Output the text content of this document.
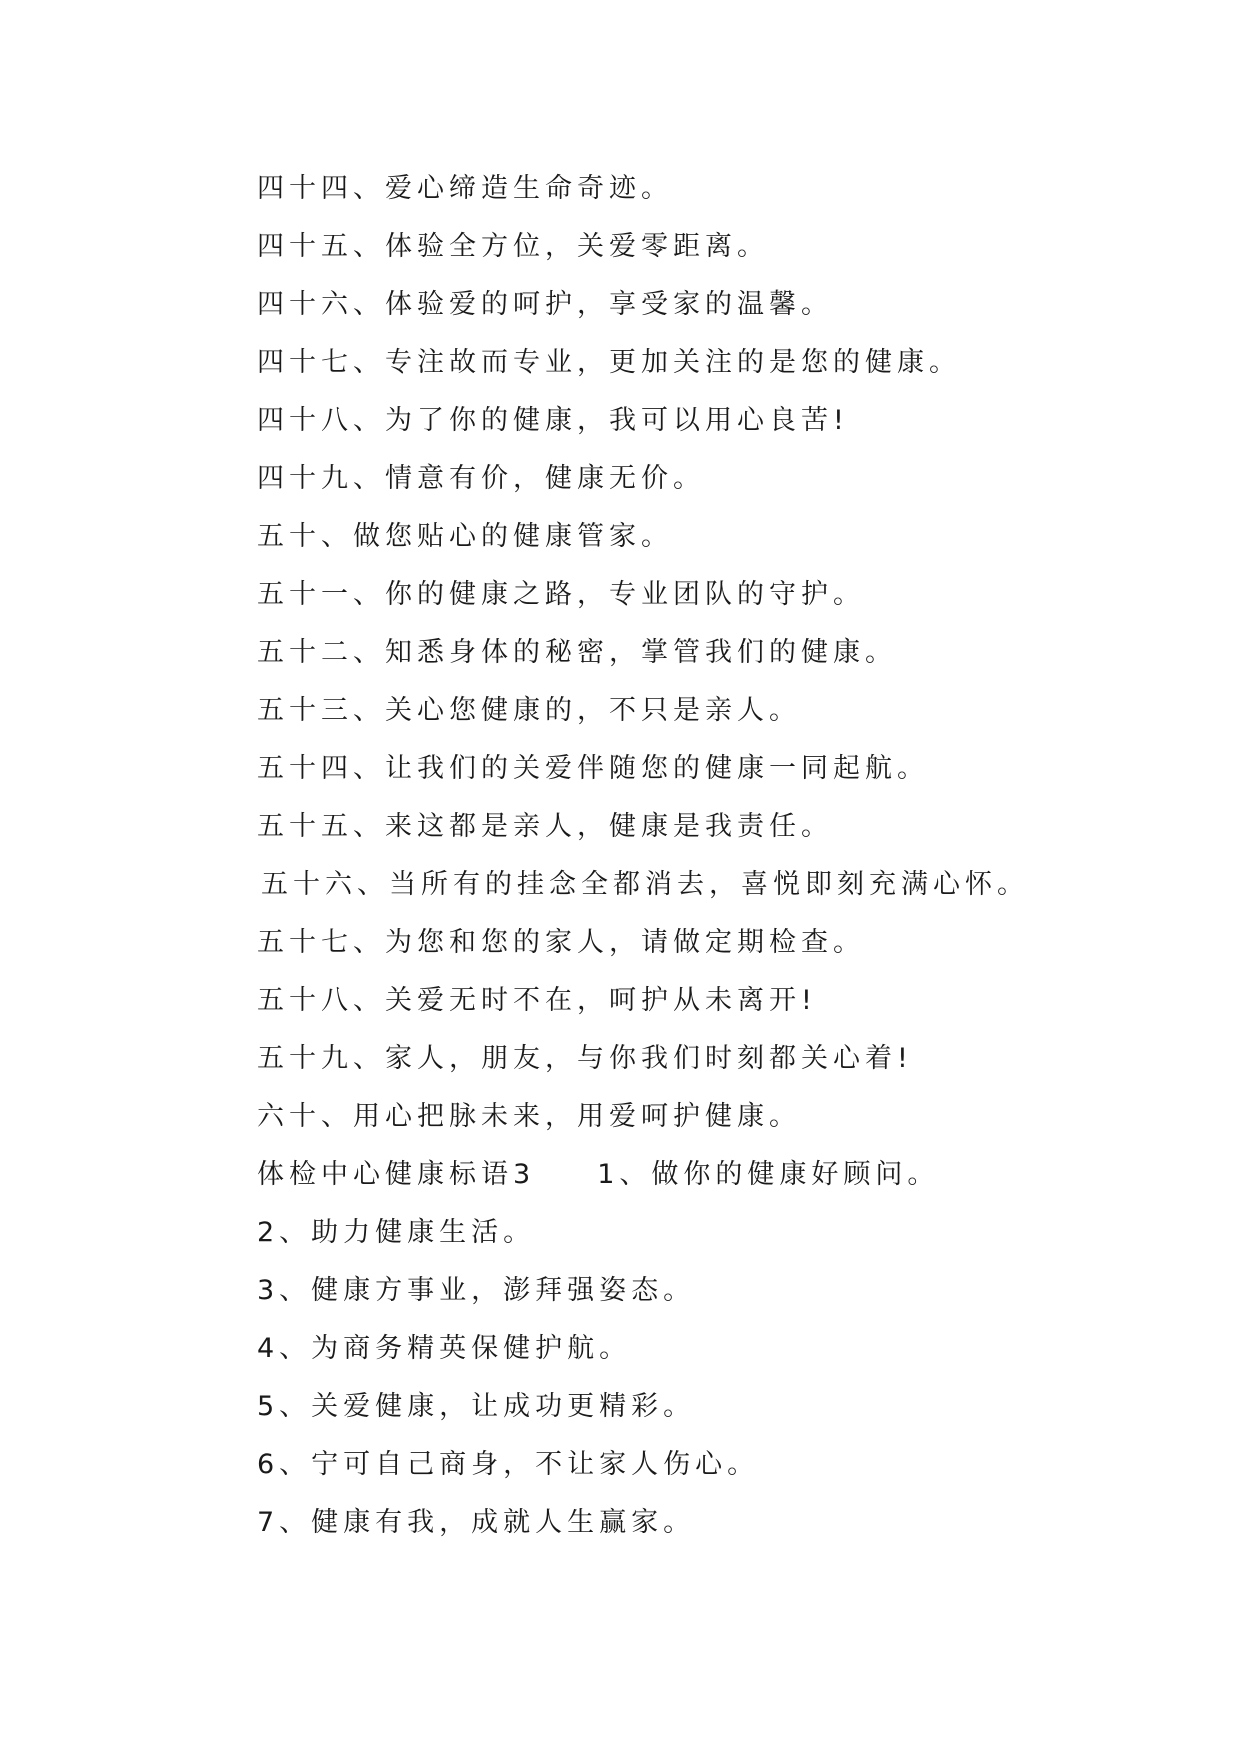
四十四、爱心缔造生命奇迹。
四十五、体验全方位，关爱零距离。
四十六、体验爱的呵护，享受家的温馨。
四十七、专注故而专业，更加关注的是您的健康。
四十八、为了你的健康，我可以用心良苦!
四十九、情意有价，健康无价。
五十、做您贴心的健康管家。
五十一、你的健康之路，专业团队的守护。
五十二、知悉身体的秘密，掌管我们的健康。
五十三、关心您健康的，不只是亲人。
五十四、让我们的关爱伴随您的健康一同起航。
五十五、来这都是亲人，健康是我责任。
五十六、当所有的挂念全都消去，喜悦即刻充满心怀。
五十七、为您和您的家人，请做定期检查。
五十八、关爱无时不在，呵护从未离开!
五十九、家人，朋友，与你我们时刻都关心着!
六十、用心把脉未来，用爱呵护健康。
体检中心健康标语3 1、做你的健康好顾问。
2、助力健康生活。
3、健康方事业，澎拜强姿态。
4、为商务精英保健护航。
5、关爱健康，让成功更精彩。
6、宁可自己商身，不让家人伤心。
7、健康有我，成就人生赢家。
